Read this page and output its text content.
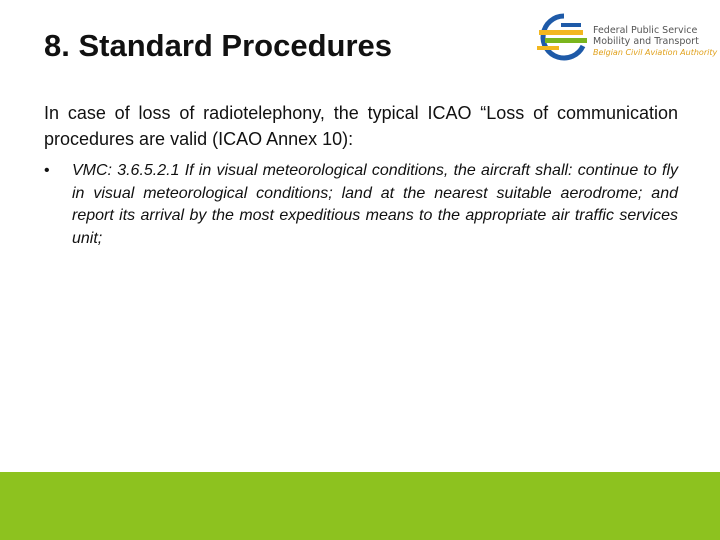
8. Standard Procedures	Federal Public Service
Mobility and Transport
Belgian Civil Aviation Authority

In case of loss of radiotelephony, the typical ICAO “Loss of communication procedures are valid (ICAO Annex 10):

• VMC: 3.6.5.2.1 If in visual meteorological conditions, the aircraft shall: continue to fly in visual meteorological conditions; land at the nearest suitable aerodrome; and report its arrival by the most expeditious means to the appropriate air traffic services unit;
